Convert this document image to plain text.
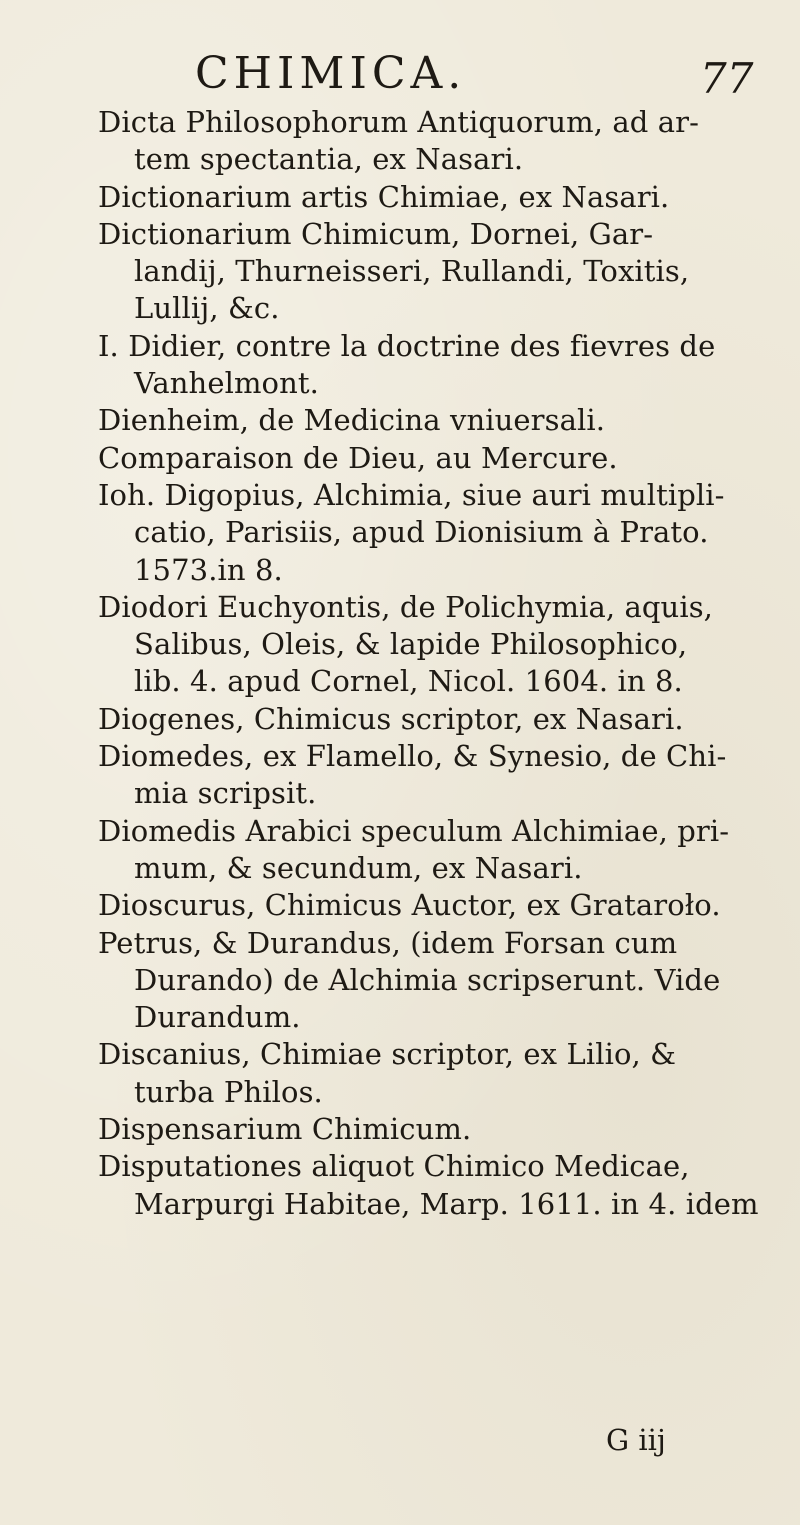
CHIMICA.	77
Dicta Philosophorum Antiquorum, ad ar-
tem spectantia, ex Nasari.
Dictionarium artis Chimiae, ex Nasari.
Dictionarium Chimicum, Dornei, Gar-
landij, Thurneisseri, Rullandi, Toxitis,
Lullij, &c.
I. Didier, contre la doctrine des fievres de
Vanhelmont.
Dienheim, de Medicina vniuersali.
Comparaison de Dieu, au Mercure.
Ioh. Digopius, Alchimia, siue auri multipli-
catio, Parisiis, apud Dionisium à Prato.
1573.in 8.
Diodori Euchyontis, de Polichymia, aquis,
Salibus, Oleis, & lapide Philosophico,
lib. 4. apud Cornel, Nicol. 1604. in 8.
Diogenes, Chimicus scriptor, ex Nasari.
Diomedes, ex Flamello, & Synesio, de Chi-
mia scripsit.
Diomedis Arabici speculum Alchimiae, pri-
mum, & secundum, ex Nasari.
Dioscurus, Chimicus Auctor, ex Grataroło.
Petrus, & Durandus, (idem Forsan cum
Durando) de Alchimia scripserunt. Vide
Durandum.
Discanius, Chimiae scriptor, ex Lilio, &
turba Philos.
Dispensarium Chimicum.
Disputationes aliquot Chimico Medicae,
Marpurgi Habitae, Marp. 1611. in 4. idem
G iij
